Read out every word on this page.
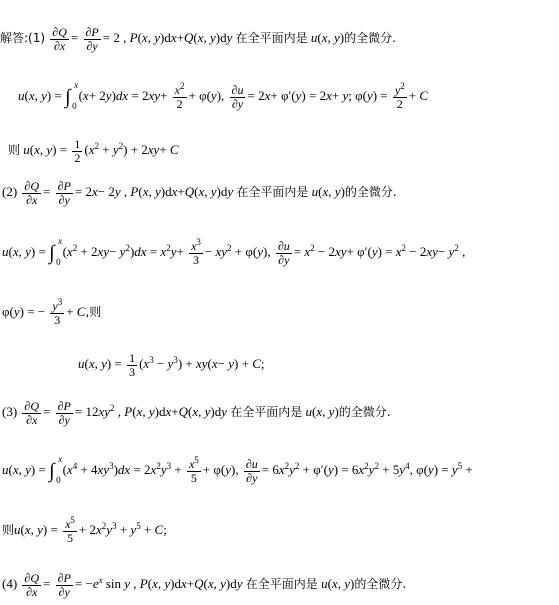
解答:(1) $\frac{\partial Q}{\partial x} = \frac{\partial P}{\partial y} = 2$ , P(x, y)dx+Q(x, y)dy 在全平面内是 u(x, y)的全微分.
u(x, y) = ∫
x
0
$(x+ 2y)dx = 2xy+ \frac{x^2}{2} + \varphi(y)$, $\frac{\partial u}{\partial y} = 2x+ \varphi'(y) = 2x+ y$; $\varphi(y) = \frac{y^2}{2} + C$
则 u(x, $y) = \frac{1}{2} (x^2 + y^2) + 2xy+ C$
$(2) \frac{\partial Q}{\partial x} = \frac{\partial P}{\partial y} = 2x- 2y$ , P(x, y)dx+Q(x, y)dy 在全平面内是 u(x, y)的全微分.
u(x, y) = ∫
x
0
$(x^2 + 2xy- y^2)dx = x^2y+ \frac{x^3}{3} - xy^2 + \varphi(y)$, $\frac{\partial u}{\partial y} = x^2 - 2xy+ \varphi'(y) = x^2 - 2xy- y^2$ ,
φ(y) = − $\frac{y^3}{3} + C$,则
u(x, $y) = \frac{1}{3} (x^3 - y^3) + xy(x- y) + C$;
$(3) \frac{\partial Q}{\partial x} = \frac{\partial P}{\partial y} = 12xy^2$ , P(x, y)dx+Q(x, y)dy 在全平面内是 u(x, y)的全微分.
u(x, y) = ∫
x
0
$(x^4 + 4xy^3)dx = 2x^2y^3 + \frac{x^5}{5} + \varphi(y)$, $\frac{\partial u}{\partial y} = 6x^2y^2 + \varphi'(y) = 6x^2y^2 + 5y^4$, $\varphi(y) = y^5$ +
则u(x, $y) = \frac{x^5}{5} + 2x^2y^3 + y^5 + C$;
$(4) \frac{\partial Q}{\partial x} = \frac{\partial P}{\partial y} = -e^x$ sin y , P(x, y)dx+Q(x, y)dy 在全平面内是 u(x, y)的全微分.
